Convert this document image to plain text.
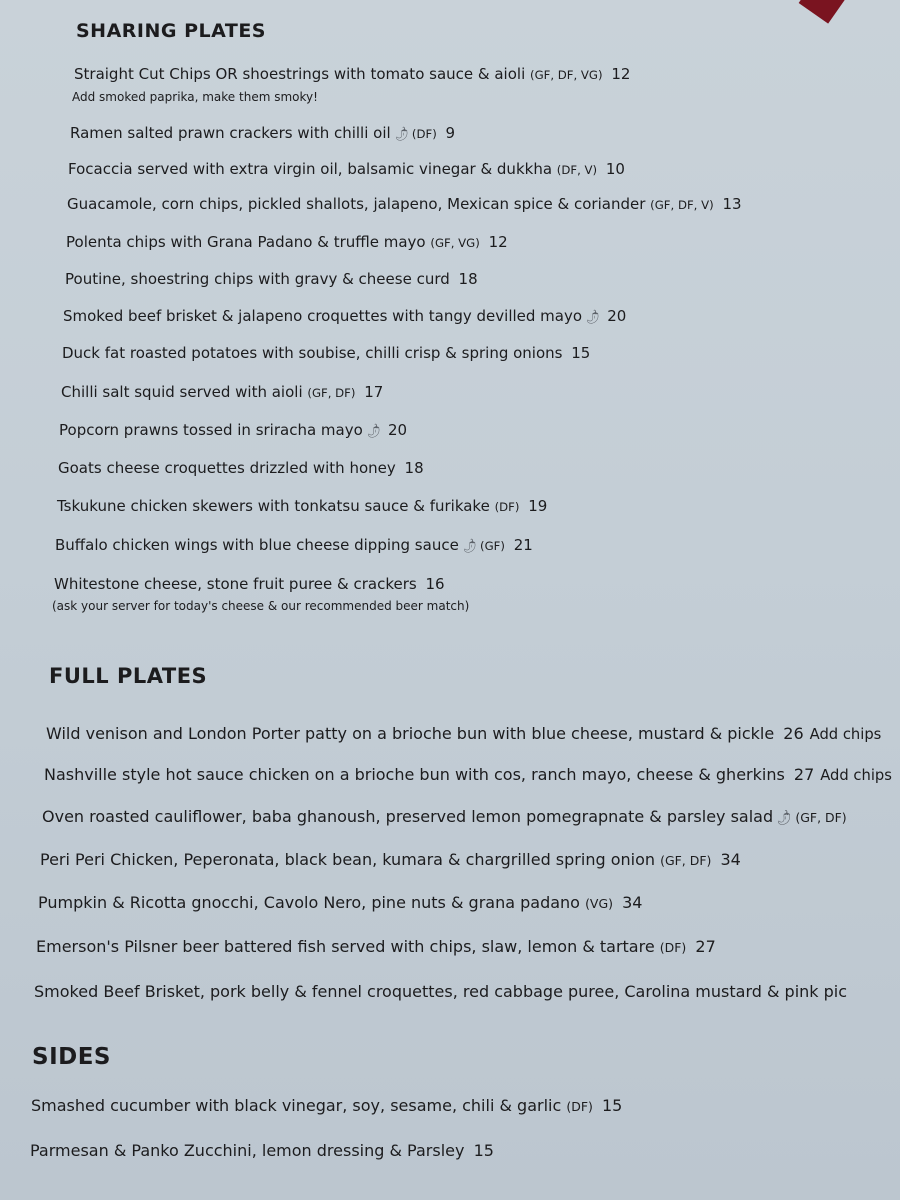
SHARING PLATES
Straight Cut Chips OR shoestrings with tomato sauce & aioli (GF, DF, VG) 12
Add smoked paprika, make them smoky!
Ramen salted prawn crackers with chilli oil🌶︎(DF) 9
Focaccia served with extra virgin oil, balsamic vinegar & dukkha (DF, V) 10
Guacamole, corn chips, pickled shallots, jalapeno, Mexican spice & coriander (GF, DF, V) 13
Polenta chips with Grana Padano & truffle mayo (GF, VG) 12
Poutine, shoestring chips with gravy & cheese curd 18
Smoked beef brisket & jalapeno croquettes with tangy devilled mayo🌶︎ 20
Duck fat roasted potatoes with soubise, chilli crisp & spring onions 15
Chilli salt squid served with aioli (GF, DF) 17
Popcorn prawns tossed in sriracha mayo🌶︎ 20
Goats cheese croquettes drizzled with honey 18
Tskukune chicken skewers with tonkatsu sauce & furikake (DF) 19
Buffalo chicken wings with blue cheese dipping sauce🌶︎(GF) 21
Whitestone cheese, stone fruit puree & crackers 16
(ask your server for today's cheese & our recommended beer match)
FULL PLATES
Wild venison and London Porter patty on a brioche bun with blue cheese, mustard & pickle 26 Add chips
Nashville style hot sauce chicken on a brioche bun with cos, ranch mayo, cheese & gherkins 27 Add chips
Oven roasted cauliflower, baba ghanoush, preserved lemon pomegrapnate & parsley salad🌶︎(GF, DF)
Peri Peri Chicken, Peperonata, black bean, kumara & chargrilled spring onion (GF, DF) 34
Pumpkin & Ricotta gnocchi, Cavolo Nero, pine nuts & grana padano (VG) 34
Emerson's Pilsner beer battered fish served with chips, slaw, lemon & tartare (DF) 27
Smoked Beef Brisket, pork belly & fennel croquettes, red cabbage puree, Carolina mustard & pink pic
SIDES
Smashed cucumber with black vinegar, soy, sesame, chili & garlic (DF) 15
Parmesan & Panko Zucchini, lemon dressing & Parsley 15
